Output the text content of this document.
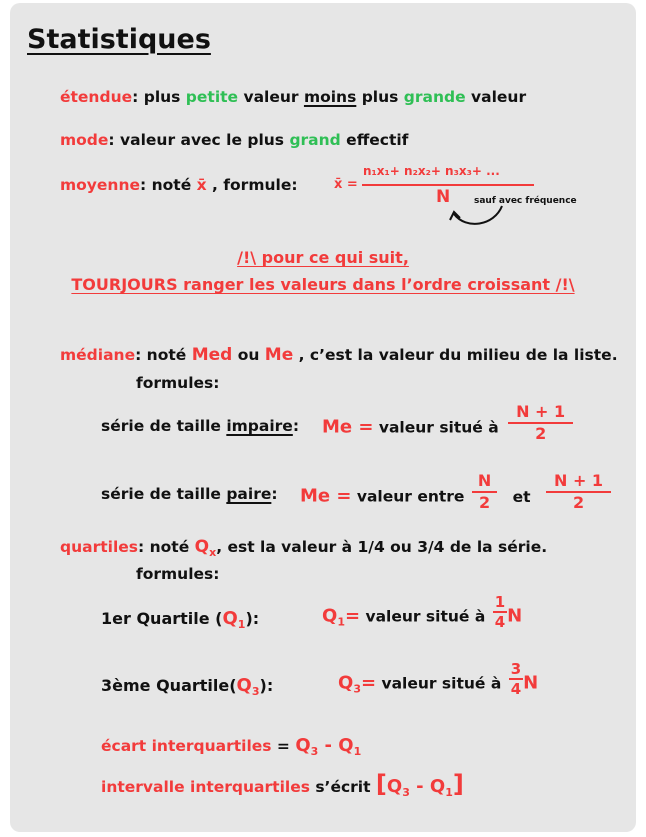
Statistiques
étendue: plus petite valeur moins plus grande valeur
mode: valeur avec le plus grand effectif
moyenne: noté x̄ , formule:	x̄ =
n₁x₁+ n₂x₂+ n₃x₃+ ...
N	sauf avec fréquence
/!\ pour ce qui suit,
TOURJOURS ranger les valeurs dans l’ordre croissant /!\
médiane: noté Med ou Me , c’est la valeur du milieu de la liste.
formules:
série de taille impaire: Me = valeur situé à $\frac{N + 1}{2}$
série de taille paire: Me = valeur entre $\frac{N}{2}$ et $\frac{N + 1}{2}$
quartiles: noté $Q_x$, est la valeur à 1/4 ou 3/4 de la série.
formules:
1er Quartile $(Q_1)$:	$Q_1=$ valeur situé à $\frac{1}{4}$ N
3ème $Quartile(Q_3)$:	$Q_3=$ valeur situé à $\frac{3}{4}$ N
écart interquartiles = $Q_3 - Q_1$
intervalle interquartiles s’écrit $[Q_3 - Q_1]$
